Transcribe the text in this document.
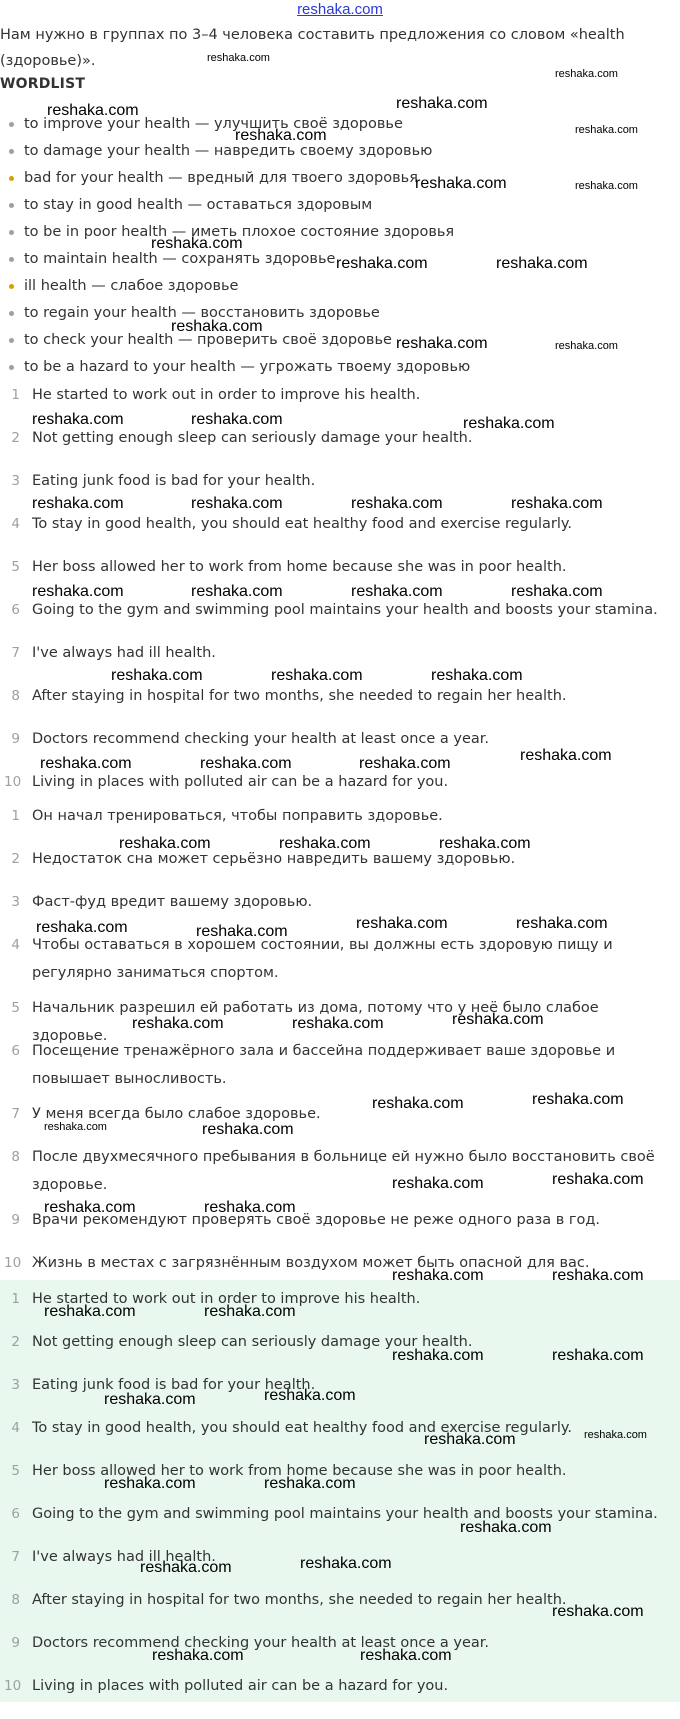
reshaka.com
Нам нужно в группах по 3–4 человека составить предложения со словом «health (здоровье)».
WORDLIST
to improve your health — улучшить своё здоровье
to damage your health — навредить своему здоровью
bad for your health — вредный для твоего здоровья
to stay in good health — оставаться здоровым
to be in poor health — иметь плохое состояние здоровья
to maintain health — сохранять здоровье
ill health — слабое здоровье
to regain your health — восстановить здоровье
to check your health — проверить своё здоровье
to be a hazard to your health — угрожать твоему здоровью
1 He started to work out in order to improve his health.
2 Not getting enough sleep can seriously damage your health.
3 Eating junk food is bad for your health.
4 To stay in good health, you should eat healthy food and exercise regularly.
5 Her boss allowed her to work from home because she was in poor health.
6 Going to the gym and swimming pool maintains your health and boosts your stamina.
7 I've always had ill health.
8 After staying in hospital for two months, she needed to regain her health.
9 Doctors recommend checking your health at least once a year.
10 Living in places with polluted air can be a hazard for you.
1 Он начал тренироваться, чтобы поправить здоровье.
2 Недостаток сна может серьёзно навредить вашему здоровью.
3 Фаст-фуд вредит вашему здоровью.
4 Чтобы оставаться в хорошем состоянии, вы должны есть здоровую пищу и регулярно заниматься спортом.
5 Начальник разрешил ей работать из дома, потому что у неё было слабое здоровье.
6 Посещение тренажёрного зала и бассейна поддерживает ваше здоровье и повышает выносливость.
7 У меня всегда было слабое здоровье.
8 После двухмесячного пребывания в больнице ей нужно было восстановить своё здоровье.
9 Врачи рекомендуют проверять своё здоровье не реже одного раза в год.
10 Жизнь в местах с загрязнённым воздухом может быть опасной для вас.
1 He started to work out in order to improve his health.
2 Not getting enough sleep can seriously damage your health.
3 Eating junk food is bad for your health.
4 To stay in good health, you should eat healthy food and exercise regularly.
5 Her boss allowed her to work from home because she was in poor health.
6 Going to the gym and swimming pool maintains your health and boosts your stamina.
7 I've always had ill health.
8 After staying in hospital for two months, she needed to regain her health.
9 Doctors recommend checking your health at least once a year.
10 Living in places with polluted air can be a hazard for you.
reshaka.com
reshaka.com
reshaka.com	reshaka.com
reshaka.com
reshaka.com
reshaka.com	reshaka.com
reshaka.com
reshaka.com	reshaka.com
reshaka.com
reshaka.com	reshaka.com
reshaka.com	reshaka.com	reshaka.com
reshaka.com	reshaka.com	reshaka.com	reshaka.com
reshaka.com	reshaka.com	reshaka.com	reshaka.com
reshaka.com	reshaka.com	reshaka.com
reshaka.com
reshaka.com	reshaka.com	reshaka.com
reshaka.com	reshaka.com	reshaka.com
reshaka.com	reshaka.com	reshaka.com	reshaka.com
reshaka.com
reshaka.com	reshaka.com
reshaka.com
reshaka.com
reshaka.com	reshaka.com
reshaka.com	reshaka.com
reshaka.com	reshaka.com
reshaka.com	reshaka.com
reshaka.com	reshaka.com
reshaka.com	reshaka.com
reshaka.com	reshaka.com
reshaka.com	reshaka.com
reshaka.com	reshaka.com
reshaka.com
reshaka.com	reshaka.com
reshaka.com
reshaka.com	reshaka.com
